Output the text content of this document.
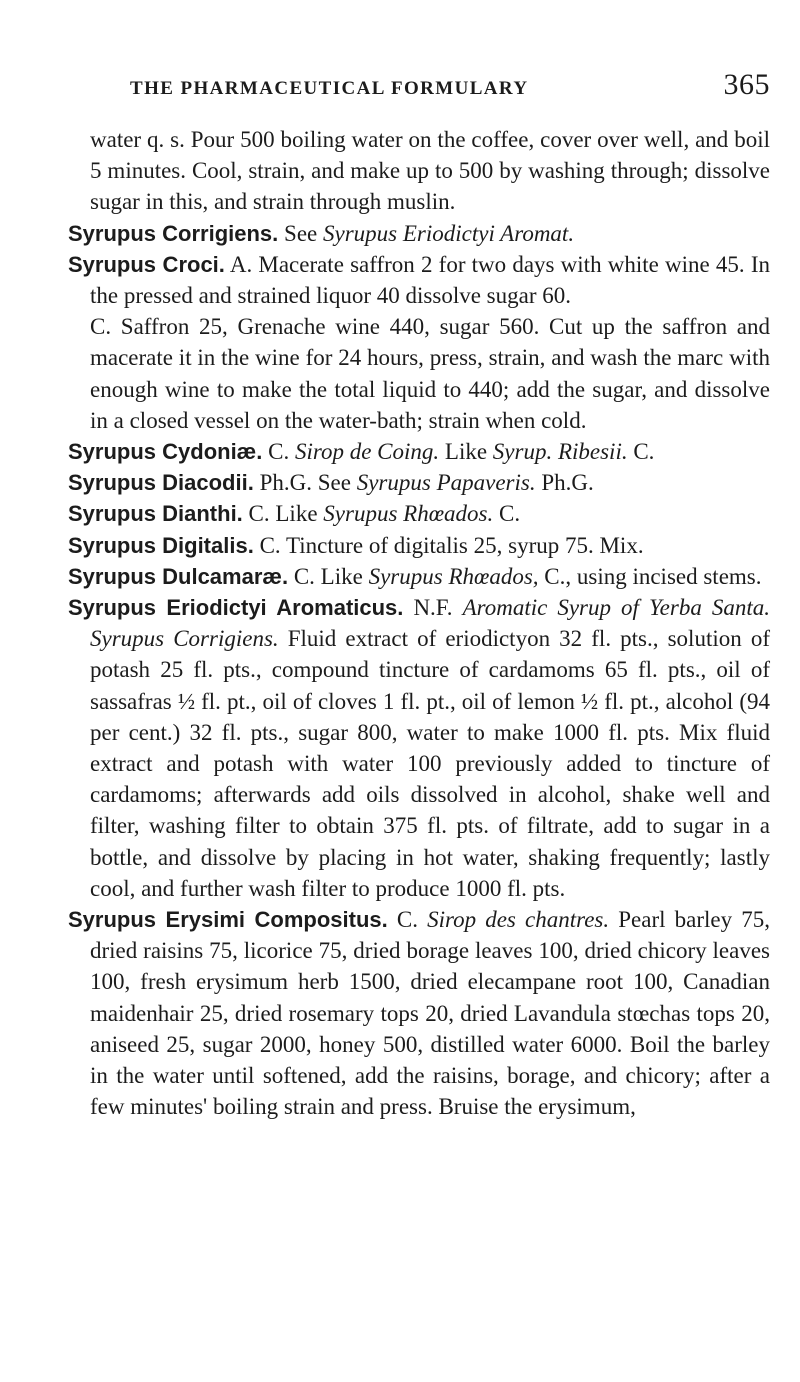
THE PHARMACEUTICAL FORMULARY	365

water q. s. Pour 500 boiling water on the coffee, cover over well, and boil 5 minutes. Cool, strain, and make up to 500 by washing through; dissolve sugar in this, and strain through muslin.

Syrupus Corrigiens. See Syrupus Eriodictyi Aromat.

Syrupus Croci. A. Macerate saffron 2 for two days with white wine 45. In the pressed and strained liquor 40 dissolve sugar 60.

C. Saffron 25, Grenache wine 440, sugar 560. Cut up the saffron and macerate it in the wine for 24 hours, press, strain, and wash the marc with enough wine to make the total liquid to 440; add the sugar, and dissolve in a closed vessel on the water-bath; strain when cold.

Syrupus Cydoniæ. C. Sirop de Coing. Like Syrup. Ribesii. C.

Syrupus Diacodii. Ph.G. See Syrupus Papaveris. Ph.G.

Syrupus Dianthi. C. Like Syrupus Rhœados. C.

Syrupus Digitalis. C. Tincture of digitalis 25, syrup 75. Mix.

Syrupus Dulcamaræ. C. Like Syrupus Rhœados, C., using incised stems.

Syrupus Eriodictyi Aromaticus. N.F. Aromatic Syrup of Yerba Santa. Syrupus Corrigiens. Fluid extract of eriodictyon 32 fl. pts., solution of potash 25 fl. pts., compound tincture of cardamoms 65 fl. pts., oil of sassafras ½ fl. pt., oil of cloves 1 fl. pt., oil of lemon ½ fl. pt., alcohol (94 per cent.) 32 fl. pts., sugar 800, water to make 1000 fl. pts. Mix fluid extract and potash with water 100 previously added to tincture of cardamoms; afterwards add oils dissolved in alcohol, shake well and filter, washing filter to obtain 375 fl. pts. of filtrate, add to sugar in a bottle, and dissolve by placing in hot water, shaking frequently; lastly cool, and further wash filter to produce 1000 fl. pts.

Syrupus Erysimi Compositus. C. Sirop des chantres. Pearl barley 75, dried raisins 75, licorice 75, dried borage leaves 100, dried chicory leaves 100, fresh erysimum herb 1500, dried elecampane root 100, Canadian maidenhair 25, dried rosemary tops 20, dried Lavandula stœchas tops 20, aniseed 25, sugar 2000, honey 500, distilled water 6000. Boil the barley in the water until softened, add the raisins, borage, and chicory; after a few minutes' boiling strain and press. Bruise the erysimum,
